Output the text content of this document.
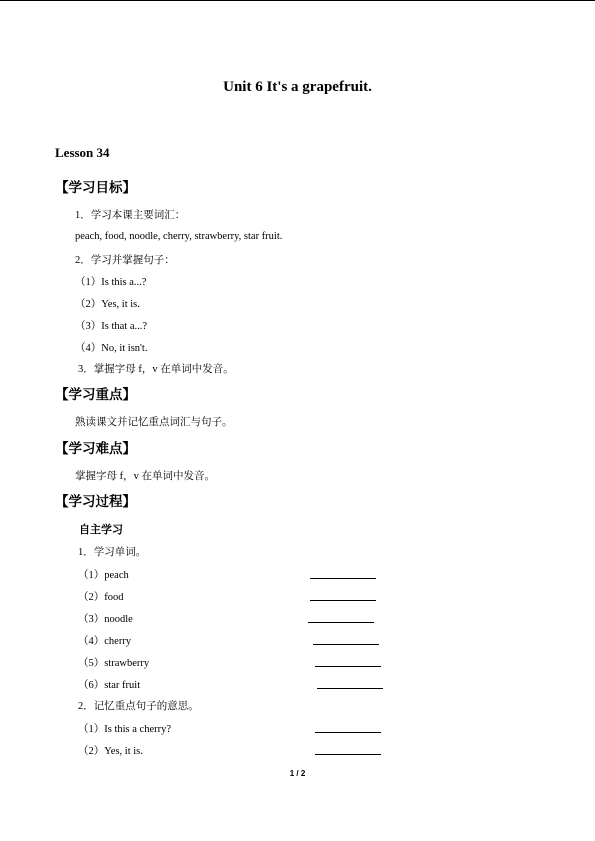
Unit 6 It's a grapefruit.
Lesson 34
【学习目标】
1．学习本课主要词汇：
peach, food, noodle, cherry, strawberry, star fruit.
2．学习并掌握句子：
（1）Is this a...?
（2）Yes, it is.
（3）Is that a...?
（4）No, it isn't.
3．掌握字母 f，v 在单词中发音。
【学习重点】
熟读课文并记忆重点词汇与句子。
【学习难点】
掌握字母 f，v 在单词中发音。
【学习过程】
自主学习
1．学习单词。
（1）peach
（2）food
（3）noodle
（4）cherry
（5）strawberry
（6）star fruit
2．记忆重点句子的意思。
（1）Is this a cherry?
（2）Yes, it is.
1 / 2
